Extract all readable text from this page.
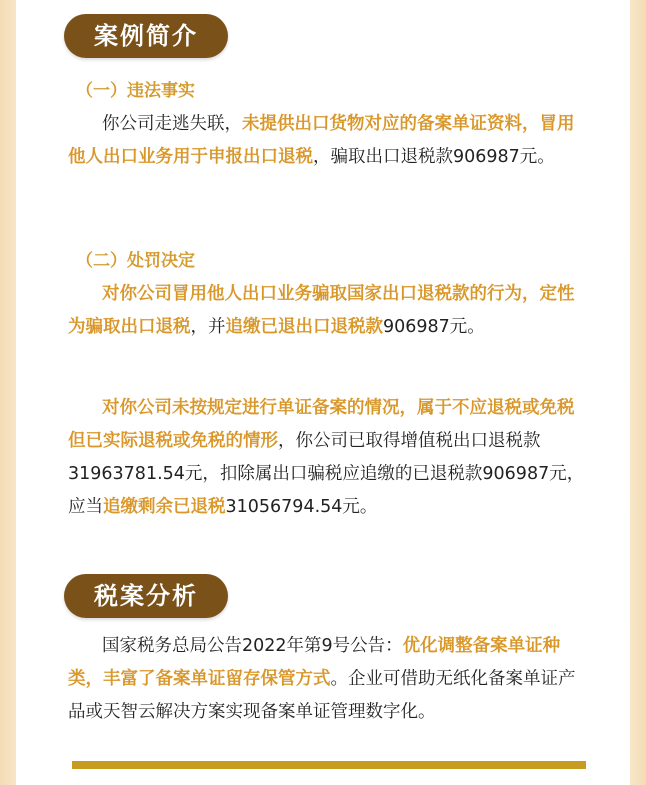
案例简介
（一）违法事实

你公司走逃失联，未提供出口货物对应的备案单证资料，冒用他人出口业务用于申报出口退税，骗取出口退税款906987元。

（二）处罚决定

对你公司冒用他人出口业务骗取国家出口退税款的行为，定性为骗取出口退税，并追缴已退出口退税款906987元。

对你公司未按规定进行单证备案的情况，属于不应退税或免税但已实际退税或免税的情形，你公司已取得增值税出口退税款31963781.54元，扣除属出口骗税应追缴的已退税款906987元，应当追缴剩余已退税31056794.54元。

税案分析

国家税务总局公告2022年第9号公告：优化调整备案单证种类，丰富了备案单证留存保管方式。企业可借助无纸化备案单证产品或天智云解决方案实现备案单证管理数字化。
